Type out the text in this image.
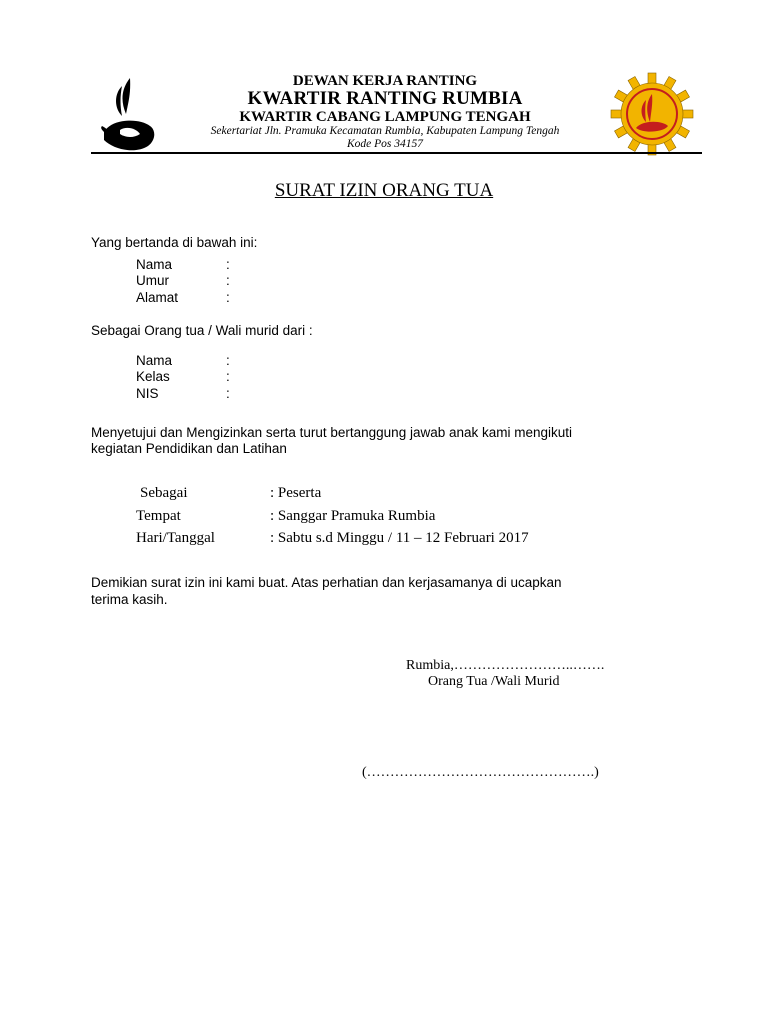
DEWAN KERJA RANTING
KWARTIR RANTING RUMBIA
KWARTIR CABANG LAMPUNG TENGAH
Sekertariat Jln. Pramuka Kecamatan Rumbia, Kabupaten Lampung Tengah
Kode Pos 34157
SURAT IZIN ORANG TUA
Yang bertanda di bawah ini:
Nama	:
Umur	:
Alamat	:
Sebagai Orang tua / Wali murid dari :
Nama	:
Kelas	:
NIS	:
Menyetujui dan Mengizinkan serta turut bertanggung jawab anak kami mengikuti
kegiatan Pendidikan dan Latihan
Sebagai	: Peserta
Tempat	: Sanggar Pramuka Rumbia
Hari/Tanggal	: Sabtu s.d Minggu / 11 – 12 Februari 2017
Demikian surat izin ini kami buat. Atas perhatian dan kerjasamanya di ucapkan
terima kasih.
Rumbia,……………………..…….
Orang Tua /Wali Murid
(………………………………………….)
